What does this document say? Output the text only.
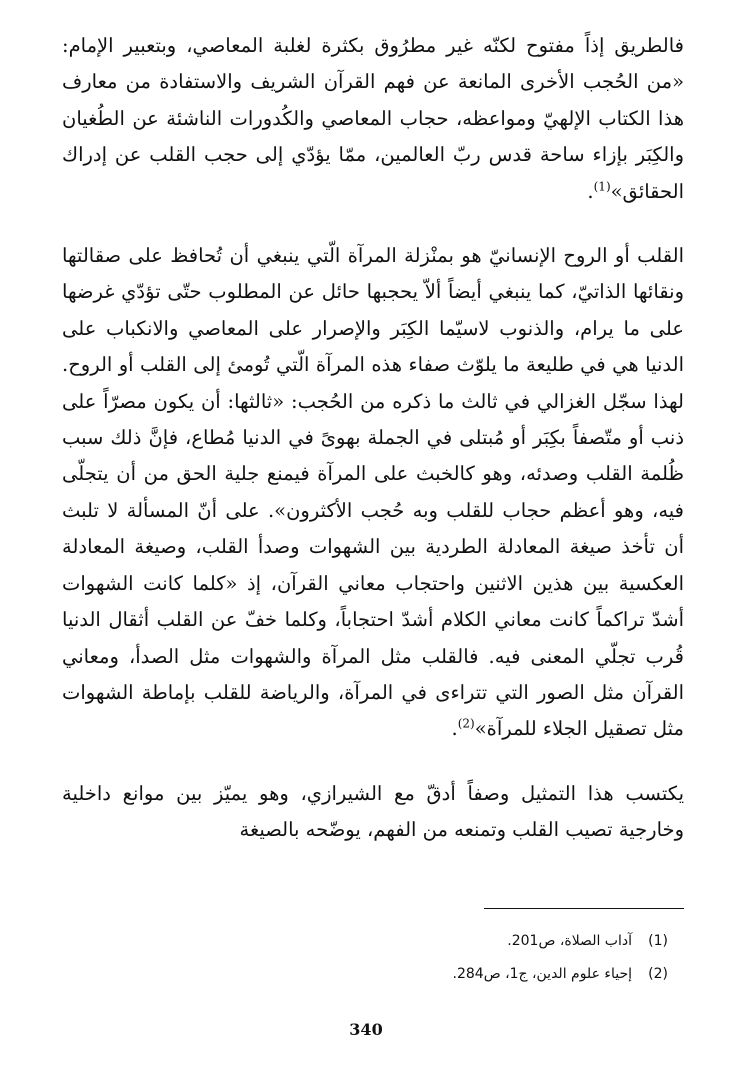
فالطريق إذاً مفتوح لكنّه غير مطرُوق بكثرة لغلبة المعاصي، وبتعبير الإمام: «من الحُجب الأخرى المانعة عن فهم القرآن الشريف والاستفادة من معارف هذا الكتاب الإلهيّ ومواعظه، حجاب المعاصي والكُدورات الناشئة عن الطُغيان والكِبَر بإزاء ساحة قدس ربّ العالمين، ممّا يؤدّي إلى حجب القلب عن إدراك الحقائق»$^{(1)}$.

القلب أو الروح الإنسانيّ هو بمنْزلة المرآة الّتي ينبغي أن تُحافظ على صقالتها ونقائها الذاتيّ، كما ينبغي أيضاً ألاّ يحجبها حائل عن المطلوب حتّى تؤدّي غرضها على ما يرام، والذنوب لاسيّما الكِبَر والإصرار على المعاصي والانكباب على الدنيا هي في طليعة ما يلوّث صفاء هذه المرآة الّتي تُومئ إلى القلب أو الروح. لهذا سجّل الغزالي في ثالث ما ذكره من الحُجب: «ثالثها: أن يكون مصرّاً على ذنب أو متّصفاً بكِبَر أو مُبتلى في الجملة بهوىً في الدنيا مُطاع، فإنَّ ذلك سبب ظُلمة القلب وصدئه، وهو كالخبث على المرآة فيمنع جلية الحق من أن يتجلّى فيه، وهو أعظم حجاب للقلب وبه حُجب الأكثرون». على أنّ المسألة لا تلبث أن تأخذ صيغة المعادلة الطردية بين الشهوات وصدأ القلب، وصيغة المعادلة العكسية بين هذين الاثنين واحتجاب معاني القرآن، إذ «كلما كانت الشهوات أشدّ تراكماً كانت معاني الكلام أشدّ احتجاباً، وكلما خفّ عن القلب أثقال الدنيا قُرب تجلّي المعنى فيه. فالقلب مثل المرآة والشهوات مثل الصدأ، ومعاني القرآن مثل الصور التي تتراءى في المرآة، والرياضة للقلب بإماطة الشهوات مثل تصقيل الجلاء للمرآة»$^{(2)}$.

يكتسب هذا التمثيل وصفاً أدقّ مع الشيرازي، وهو يميّز بين موانع داخلية وخارجية تصيب القلب وتمنعه من الفهم، يوضّحه بالصيغة

(1)آداب الصلاة، ص201.
(2)إحياء علوم الدين، ج1، ص284.
340
